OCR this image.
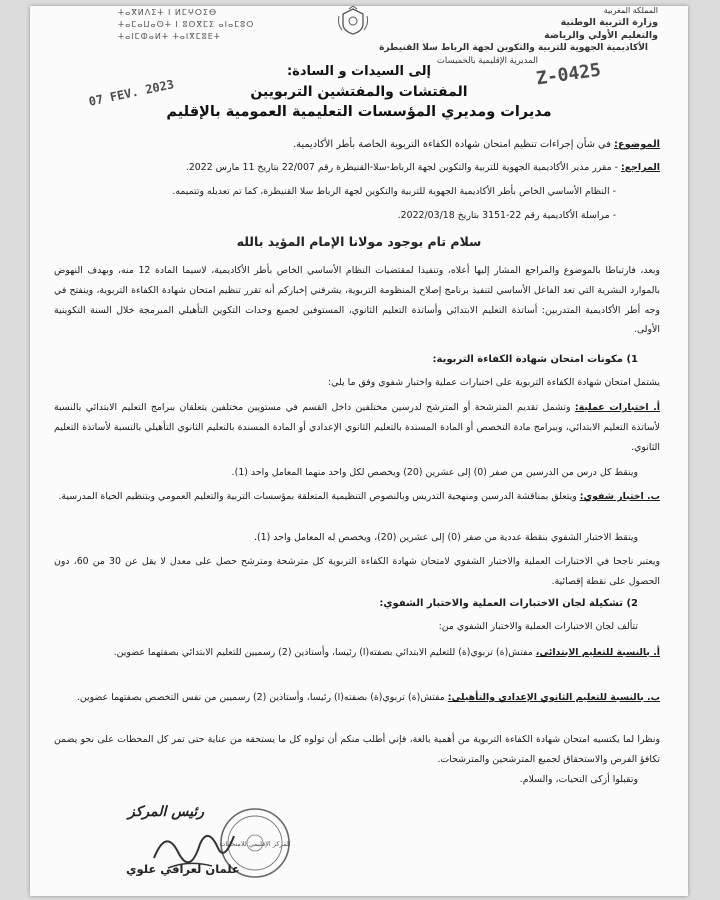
المملكة المغربية
وزارة التربية الوطنية
والتعليم الأولي والرياضة
الأكاديمية الجهوية للتربية والتكوين لجهة الرباط سلا القنيطرة
المديرية الإقليمية بالخميسات
ⵜⴰⴳⵍⴷⵉⵜ ⵏ ⵍⵎⵖⵔⵉⴱ
ⵜⴰⵎⴰⵡⴰⵙⵜ ⵏ ⵓⵙⴳⵎⵉ ⴰⵏⴰⵎⵓⵔ
ⵜⴰⵏⵎⵀⴰⵍⵜ ⵜⴰⵏⴳⵎⵓⴹⵜ
إلى السيدات و السادة:
المفتشات والمفتشين التربويين
مديرات ومديري المؤسسات التعليمية العمومية بالإقليم
07 FEV. 2023
Z-0425
الموضوع: في شأن إجراءات تنظيم امتحان شهادة الكفاءة التربوية الخاصة بأطر الأكاديمية.
المراجع: - مقرر مدير الأكاديمية الجهوية للتربية والتكوين لجهة الرباط-سلا-القنيطرة رقم 22/007 بتاريخ 11 مارس 2022.
- النظام الأساسي الخاص بأطر الأكاديمية الجهوية للتربية والتكوين لجهة الرباط سلا القنيطرة، كما تم تعديله وتتميمه.
- مراسلة الأكاديمية رقم 22-3151 بتاريخ 2022/03/18.
سلام تام بوجود مولانا الإمام المؤيد بالله
وبعد، فارتباطا بالموضوع والمراجع المشار إليها أعلاه، وتنفيذا لمقتضيات النظام الأساسي الخاص بأطر الأكاديمية، لاسيما المادة 12 منه، وبهدف النهوض بالموارد البشرية التي تعد الفاعل الأساسي لتنفيذ برنامج إصلاح المنظومة التربوية، يشرفني إخباركم أنه تقرر تنظيم امتحان شهادة الكفاءة التربوية، وينفتح في وجه أطر الأكاديمية المتدربين: أساتذة التعليم الابتدائي وأساتذة التعليم الثانوي، المستوفين لجميع وحدات التكوين التأهيلي المبرمجة خلال السنة التكوينية الأولى.
1) مكونات امتحان شهادة الكفاءة التربوية:
يشتمل امتحان شهادة الكفاءة التربوية على اختبارات عملية واختبار شفوي وفق ما يلي:
أ. اختبارات عملية: وتشمل تقديم المترشحة أو المترشح لدرسين مختلفين داخل القسم في مستويين مختلفين يتعلقان ببرامج التعليم الابتدائي بالنسبة لأساتذة التعليم الابتدائي، وببرامج مادة التخصص أو المادة المسندة بالتعليم الثانوي الإعدادي أو المادة المسندة بالتعليم الثانوي التأهيلي بالنسبة لأساتذة التعليم الثانوي.
وينقط كل درس من الدرسين من صفر (0) إلى عشرين (20) ويخصص لكل واحد منهما المعامل واحد (1).
ب. اختبار شفوي: ويتعلق بمناقشة الدرسين ومنهجية التدريس وبالنصوص التنظيمية المتعلقة بمؤسسات التربية والتعليم العمومي وبتنظيم الحياة المدرسية.
وينقط الاختبار الشفوي بنقطة عددية من صفر (0) إلى عشرين (20)، ويخصص له المعامل واحد (1).
ويعتبر ناجحا في الاختبارات العملية والاختبار الشفوي لامتحان شهادة الكفاءة التربوية كل مترشحة ومترشح حصل على معدل لا يقل عن 30 من 60، دون الحصول على نقطة إقصائية.
2) تشكيلة لجان الاختبارات العملية والاختبار الشفوي:
تتألف لجان الاختبارات العملية والاختبار الشفوي من:
أ. بالنسبة للتعليم الابتدائي، مفتش(ة) تربوي(ة) للتعليم الابتدائي بصفته(ا) رئيسا، وأستاذين (2) رسميين للتعليم الابتدائي بصفتهما عضوين.
ب. بالنسبة للتعليم الثانوي الإعدادي والتأهيلي: مفتش(ة) تربوي(ة) بصفته(ا) رئيسا، وأستاذين (2) رسميين من نفس التخصص بصفتهما عضوين.
ونظرا لما يكتسيه امتحان شهادة الكفاءة التربوية من أهمية بالغة، فإني أطلب منكم أن تولوه كل ما يستحقه من عناية حتى تمر كل المحطات على نحو يضمن تكافؤ الفرص والاستحقاق لجميع المترشحين والمترشحات.
وتقبلوا أزكى التحيات، والسلام.
رئيس المركز
المركز الإقليمي للامتحانات
علمان لعراقي علوي
